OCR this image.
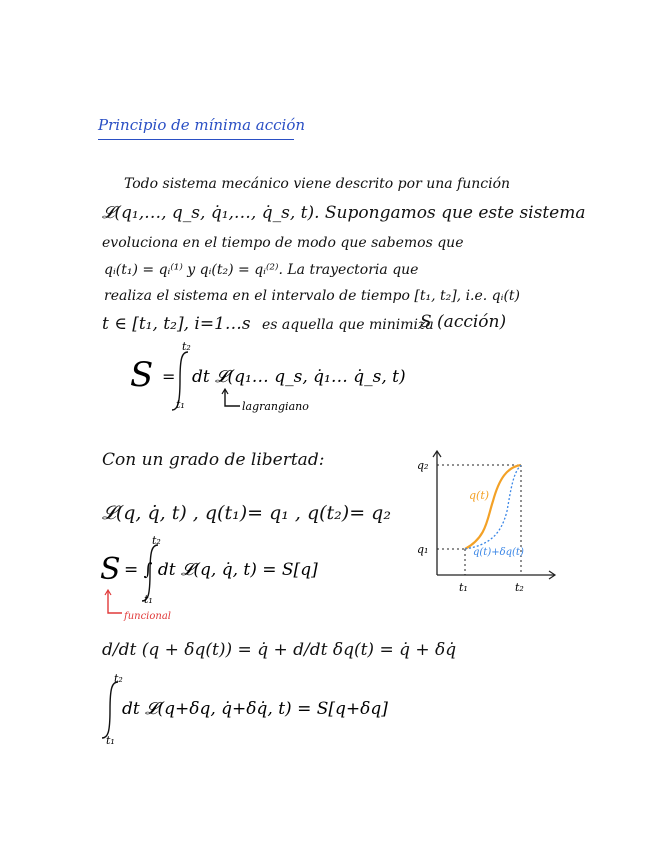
Principio de mínima acción
Todo sistema mecánico viene descrito por una función
𝓛(q₁,…, q_s, q̇₁,…, q̇_s, t). Supongamos que este sistema
evoluciona en el tiempo de modo que sabemos que
qᵢ(t₁) = qᵢ⁽¹⁾ y qᵢ(t₂) = qᵢ⁽²⁾. La trayectoria que
realiza el sistema en el intervalo de tiempo [t₁, t₂], i.e. qᵢ(t)
t ∈ [t₁, t₂], i=1…s es aquella que minimiza
S (acción)
S =
t₂
t₁
dt 𝓛(q₁… q_s, q̇₁… q̇_s, t)
lagrangiano
Con un grado de libertad:
𝓛(q, q̇, t) , q(t₁)= q₁ , q(t₂)= q₂
S
t₂
t₁
= ∫ dt 𝓛(q, q̇, t) = S[q]
funcional
d/dt (q + δq(t)) = q̇ + d/dt δq(t) = q̇ + δq̇
t₂
t₁
dt 𝓛(q+δq, q̇+δq̇, t) = S[q+δq]
q₂
q₁
t₁	t₂
q(t)
q(t)+δq(t)
